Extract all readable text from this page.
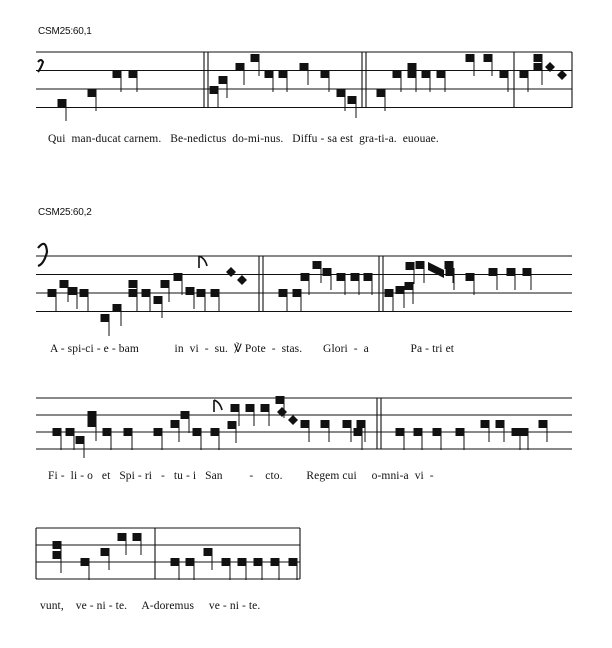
CSM25:60,1
CSM25:60,2
Qui  man-ducat carnem.   Be-nedictus  do-mi-nus.   Diffu - sa est  gra-ti-a.  euouae.
A - spi-ci - e - bam            in  vi  -  su.  ℣ Pote  -  stas.       Glori  -  a              Pa - tri et
Fi -  li - o   et   Spi - ri   -   tu - i   San         -    cto.        Regem cui     o-mni-a  vi  -
vunt,    ve - ni - te.     A-doremus     ve - ni - te.
